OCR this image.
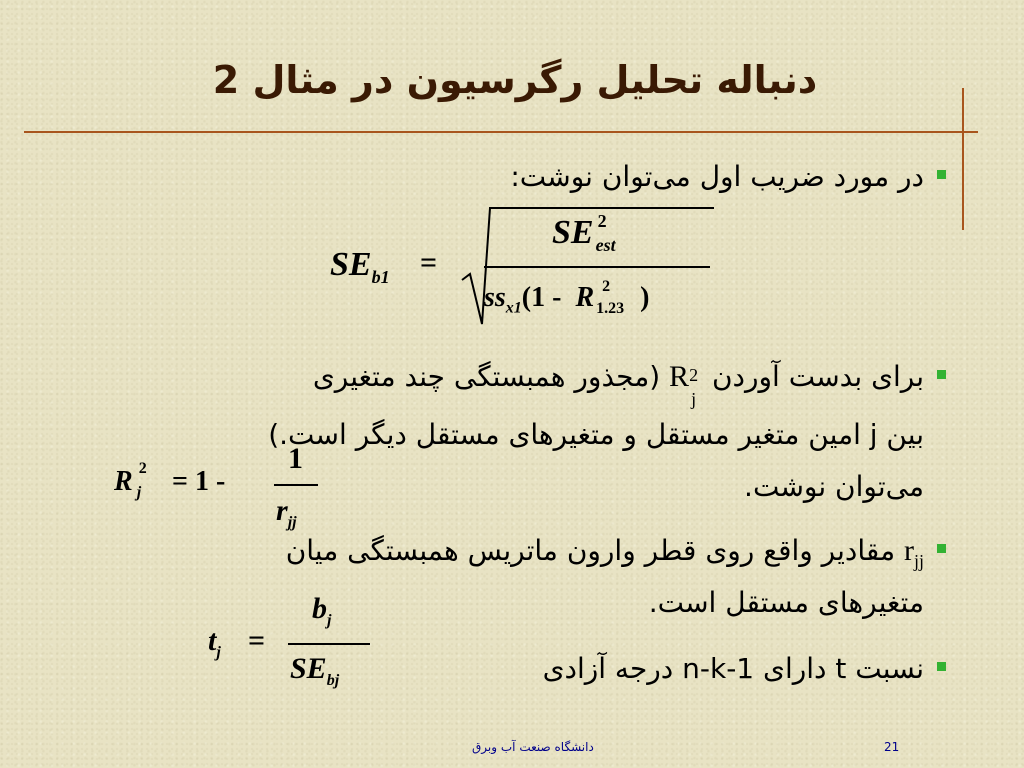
دنباله تحلیل رگرسیون در مثال 2
در مورد ضریب اول می‌توان نوشت:
$SE_{b1}$ =
SE 2
est
$ss_{x1}(1$ - R 2
1.23 )
برای بدست آوردن R 2
j
(مجذور همبستگی چند متغیری
بین j امین متغیر مستقل و متغیرهای مستقل دیگر است.)
می‌توان نوشت.
R 2
j = 1 -
1
$r_{jj}$
$r_{jj}$ مقادیر واقع روی قطر وارون ماتریس همبستگی میان
متغیرهای مستقل است.
$t_j$ =
$b_j$
$SE_{bj}$	نسبت t دارای n-k-1 درجه آزادی
دانشگاه صنعت آب وبرق	21
